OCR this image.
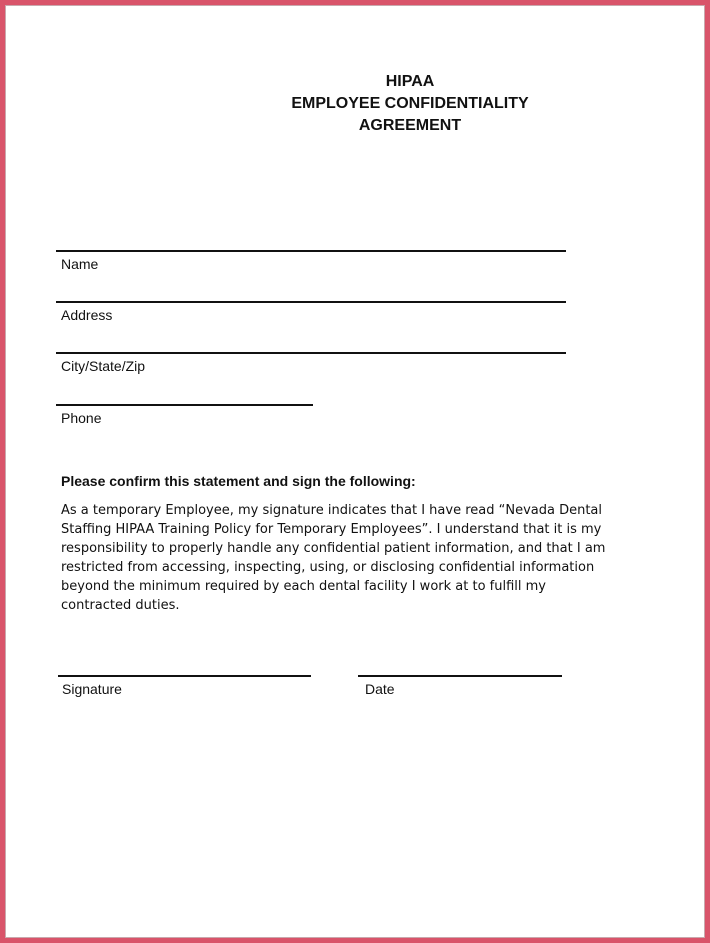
HIPAA
EMPLOYEE CONFIDENTIALITY
AGREEMENT
Name
Address
City/State/Zip
Phone
Please confirm this statement and sign the following:
As a temporary Employee, my signature indicates that I have read “Nevada Dental
Staffing HIPAA Training Policy for Temporary Employees”. I understand that it is my
responsibility to properly handle any confidential patient information, and that I am
restricted from accessing, inspecting, using, or disclosing confidential information
beyond the minimum required by each dental facility I work at to fulfill my
contracted duties.
Signature	Date
